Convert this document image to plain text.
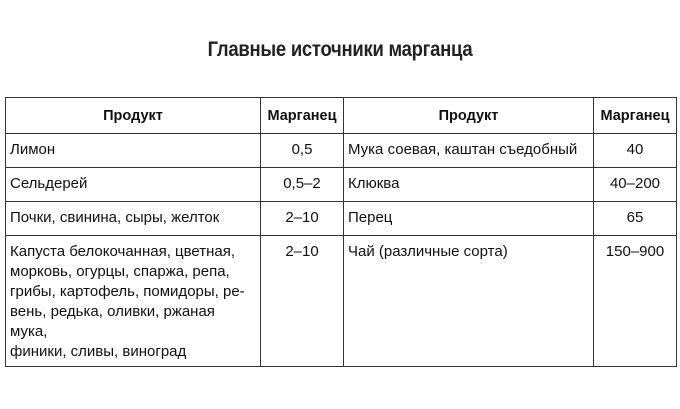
Главные источники марганца
Продукт	Марганец	Продукт	Марганец
Лимон	0,5	Мука соевая, каштан съедобный	40
Сельдерей	0,5–2	Клюква	40–200
Почки, свинина, сыры, желток	2–10	Перец	65

Капуста белокочанная, цветная,
морковь, огурцы, спаржа, репа,
грибы, картофель, помидоры, ре-
вень, редька, оливки, ржаная мука,
финики, сливы, виноград	2–10	Чай (различные сорта)	150–900
